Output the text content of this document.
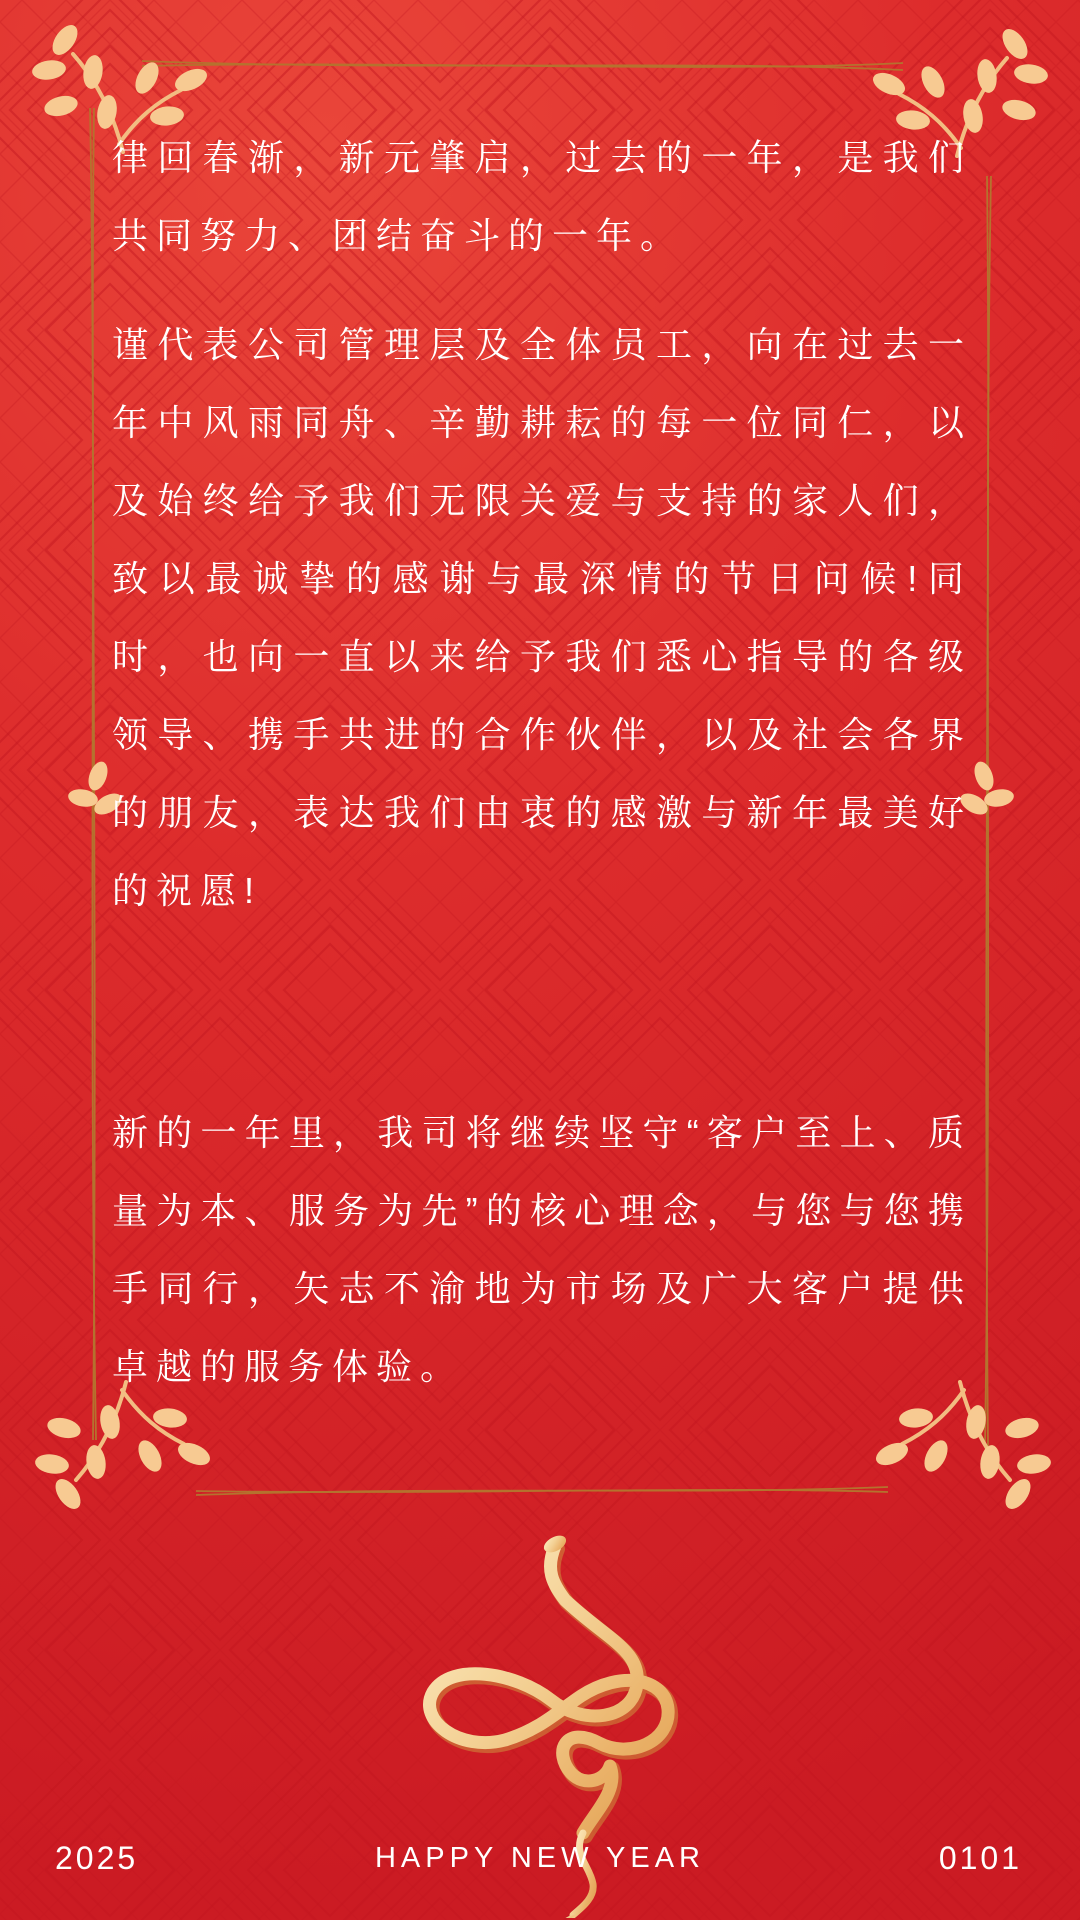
律回春渐，新元肇启，过去的一年，是我们共同努力、团结奋斗的一年。

谨代表公司管理层及全体员工，向在过去一年中风雨同舟、辛勤耕耘的每一位同仁，以及始终给予我们无限关爱与支持的家人们，致以最诚挚的感谢与最深情的节日问候!同时，也向一直以来给予我们悉心指导的各级领导、携手共进的合作伙伴，以及社会各界的朋友，表达我们由衷的感激与新年最美好的祝愿!

新的一年里，我司将继续坚守“客户至上、质量为本、服务为先”的核心理念，与您与您携手同行，矢志不渝地为市场及广大客户提供卓越的服务体验。

2025	HAPPY NEW YEAR	0101
